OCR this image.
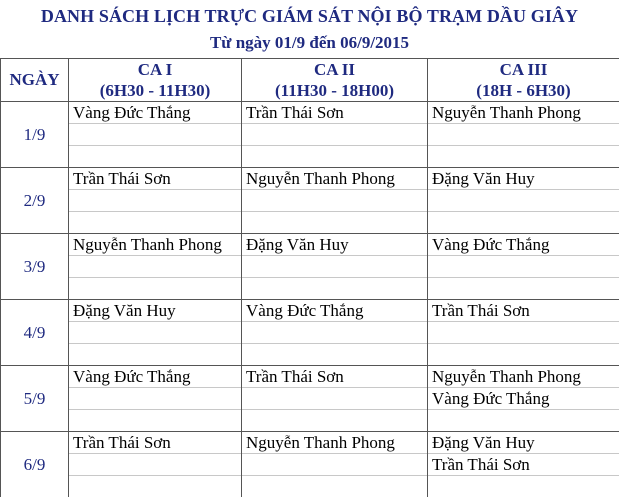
DANH SÁCH LỊCH TRỰC GIÁM SÁT NỘI BỘ TRẠM DẦU GIÂY
Từ ngày 01/9 đến 06/9/2015
NGÀY	CA I	CA II	CA III
	(6H30 - 11H30)	(11H30 - 18H00)	(18H - 6H30)
1/9	Vàng Đức Thắng	Trần Thái Sơn	Nguyễn Thanh Phong

2/9	Trần Thái Sơn	Nguyễn Thanh Phong	Đặng Văn Huy

3/9	Nguyễn Thanh Phong	Đặng Văn Huy	Vàng Đức Thắng

4/9	Đặng Văn Huy	Vàng Đức Thắng	Trần Thái Sơn

5/9	Vàng Đức Thắng	Trần Thái Sơn	Nguyễn Thanh Phong
			Vàng Đức Thắng

6/9	Trần Thái Sơn	Nguyễn Thanh Phong	Đặng Văn Huy
			Trần Thái Sơn
